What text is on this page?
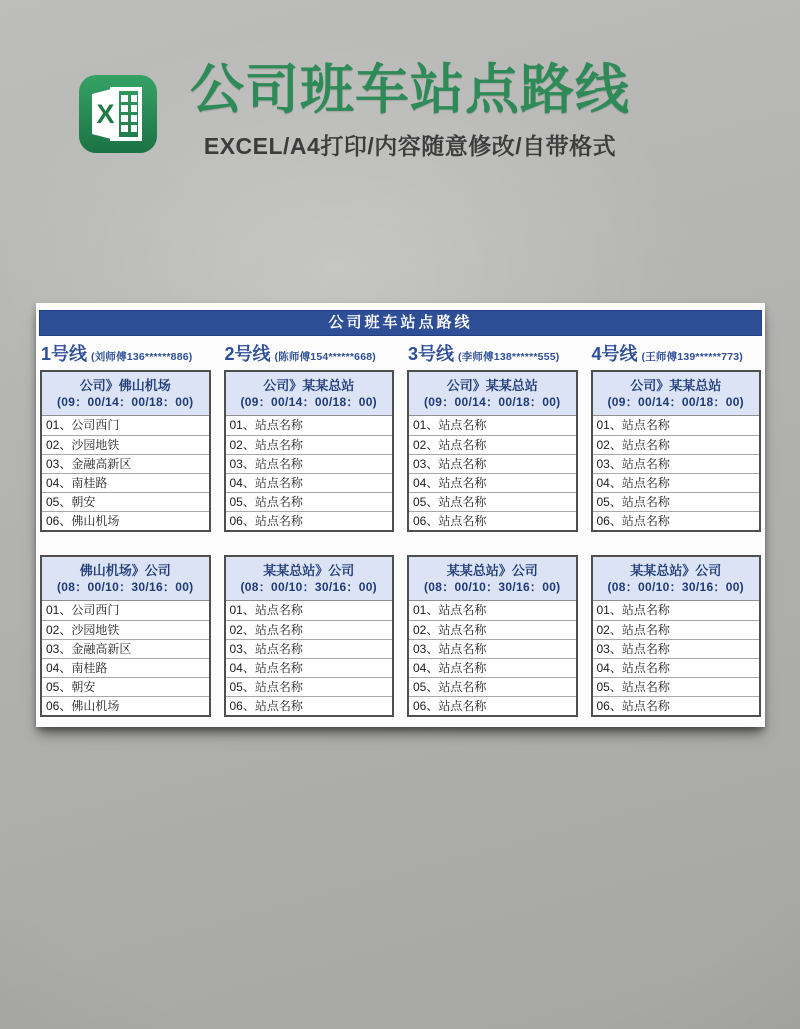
X	公司班车站点路线
EXCEL/A4打印/内容随意修改/自带格式
公司班车站点路线
1号线 (刘师傅136******886) 2号线 (陈师傅154******668) 3号线 (李师傅138******555) 4号线 (王师傅139******773)
公司》佛山机场
(09：00/14：00/18：00)
01、公司西门
02、沙园地铁
03、金融高新区
04、南桂路
05、朝安
06、佛山机场
公司》某某总站
(09：00/14：00/18：00)
01、站点名称
02、站点名称
03、站点名称
04、站点名称
05、站点名称
06、站点名称
公司》某某总站
(09：00/14：00/18：00)
01、站点名称
02、站点名称
03、站点名称
04、站点名称
05、站点名称
06、站点名称
公司》某某总站
(09：00/14：00/18：00)
01、站点名称
02、站点名称
03、站点名称
04、站点名称
05、站点名称
06、站点名称
佛山机场》公司
(08：00/10：30/16：00)
01、公司西门
02、沙园地铁
03、金融高新区
04、南桂路
05、朝安
06、佛山机场
某某总站》公司
(08：00/10：30/16：00)
01、站点名称
02、站点名称
03、站点名称
04、站点名称
05、站点名称
06、站点名称
某某总站》公司
(08：00/10：30/16：00)
01、站点名称
02、站点名称
03、站点名称
04、站点名称
05、站点名称
06、站点名称
某某总站》公司
(08：00/10：30/16：00)
01、站点名称
02、站点名称
03、站点名称
04、站点名称
05、站点名称
06、站点名称
